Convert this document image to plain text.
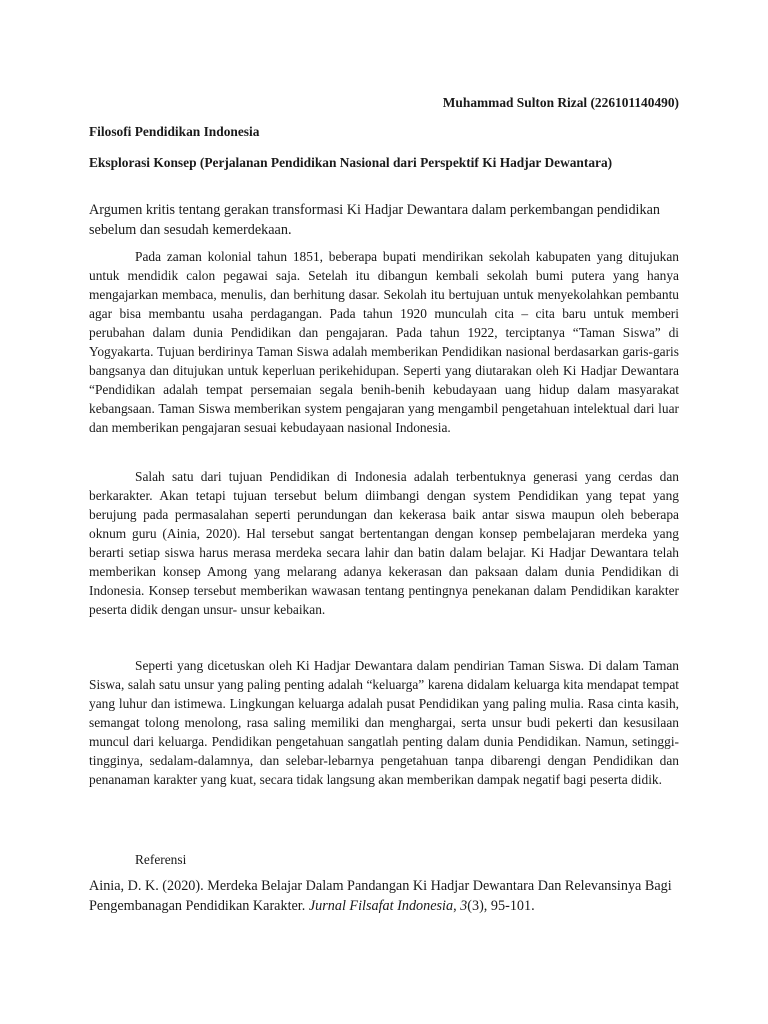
Muhammad Sulton Rizal (226101140490)

Filosofi Pendidikan Indonesia

Eksplorasi Konsep (Perjalanan Pendidikan Nasional dari Perspektif Ki Hadjar Dewantara)

Argumen kritis tentang gerakan transformasi Ki Hadjar Dewantara dalam perkembangan pendidikan sebelum dan sesudah kemerdekaan.

Pada zaman kolonial tahun 1851, beberapa bupati mendirikan sekolah kabupaten yang ditujukan untuk mendidik calon pegawai saja. Setelah itu dibangun kembali sekolah bumi putera yang hanya mengajarkan membaca, menulis, dan berhitung dasar. Sekolah itu bertujuan untuk menyekolahkan pembantu agar bisa membantu usaha perdagangan. Pada tahun 1920 munculah cita – cita baru untuk memberi perubahan dalam dunia Pendidikan dan pengajaran. Pada tahun 1922, terciptanya “Taman Siswa” di Yogyakarta. Tujuan berdirinya Taman Siswa adalah memberikan Pendidikan nasional berdasarkan garis-garis bangsanya dan ditujukan untuk keperluan perikehidupan. Seperti yang diutarakan oleh Ki Hadjar Dewantara “Pendidikan adalah tempat persemaian segala benih-benih kebudayaan uang hidup dalam masyarakat kebangsaan. Taman Siswa memberikan system pengajaran yang mengambil pengetahuan intelektual dari luar dan memberikan pengajaran sesuai kebudayaan nasional Indonesia.

Salah satu dari tujuan Pendidikan di Indonesia adalah terbentuknya generasi yang cerdas dan berkarakter. Akan tetapi tujuan tersebut belum diimbangi dengan system Pendidikan yang tepat yang berujung pada permasalahan seperti perundungan dan kekerasa baik antar siswa maupun oleh beberapa oknum guru (Ainia, 2020). Hal tersebut sangat bertentangan dengan konsep pembelajaran merdeka yang berarti setiap siswa harus merasa merdeka secara lahir dan batin dalam belajar. Ki Hadjar Dewantara telah memberikan konsep Among yang melarang adanya kekerasan dan paksaan dalam dunia Pendidikan di Indonesia. Konsep tersebut memberikan wawasan tentang pentingnya penekanan dalam Pendidikan karakter peserta didik dengan unsur- unsur kebaikan.

Seperti yang dicetuskan oleh Ki Hadjar Dewantara dalam pendirian Taman Siswa. Di dalam Taman Siswa, salah satu unsur yang paling penting adalah “keluarga” karena didalam keluarga kita mendapat tempat yang luhur dan istimewa. Lingkungan keluarga adalah pusat Pendidikan yang paling mulia. Rasa cinta kasih, semangat tolong menolong, rasa saling memiliki dan menghargai, serta unsur budi pekerti dan kesusilaan muncul dari keluarga. Pendidikan pengetahuan sangatlah penting dalam dunia Pendidikan. Namun, setinggi-tingginya, sedalam-dalamnya, dan selebar-lebarnya pengetahuan tanpa dibarengi dengan Pendidikan dan penanaman karakter yang kuat, secara tidak langsung akan memberikan dampak negatif bagi peserta didik.

Referensi

Ainia, D. K. (2020). Merdeka Belajar Dalam Pandangan Ki Hadjar Dewantara Dan Relevansinya Bagi Pengembanagan Pendidikan Karakter. Jurnal Filsafat Indonesia, 3(3), 95-101.
